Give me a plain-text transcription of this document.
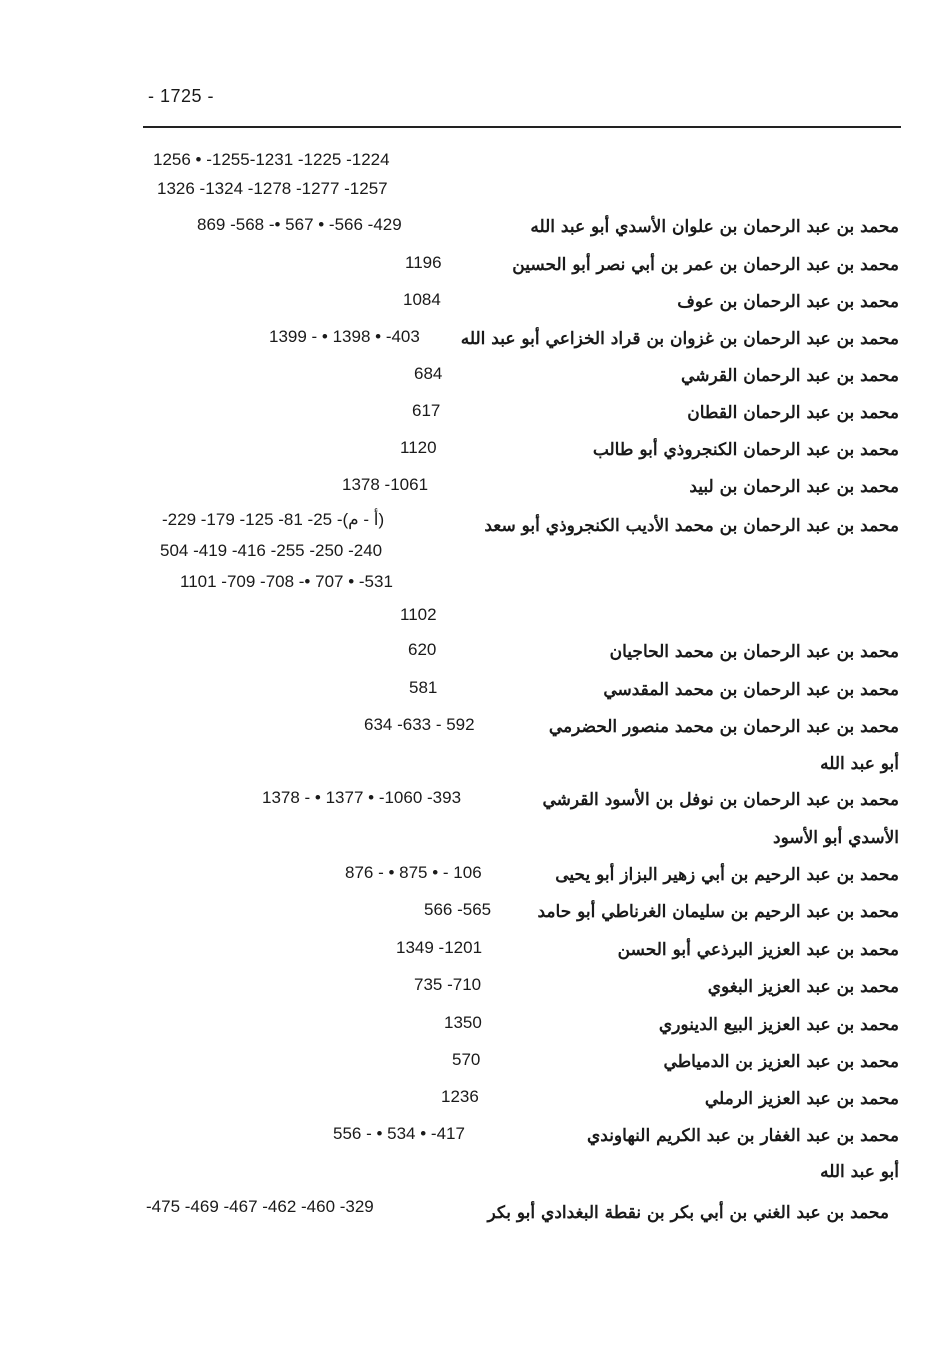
- 1725 -
1256 • -1255-1231 -1225 -1224
1326 -1324 -1278 -1277 -1257
محمد بن عبد الرحمان بن علوان الأسدي أبو عبد الله
869 -568 -• 567 • -566 -429
محمد بن عبد الرحمان بن عمر بن أبي نصر أبو الحسين
1196
محمد بن عبد الرحمان بن عوف
1084
محمد بن عبد الرحمان بن غزوان بن قراد الخزاعي أبو عبد الله
1399 - • 1398 • -403
محمد بن عبد الرحمان القرشي
684
محمد بن عبد الرحمان القطان
617
محمد بن عبد الرحمان الكنجروذي أبو طالب
1120
محمد بن عبد الرحمان بن لبيد
1378 -1061
محمد بن عبد الرحمان بن محمد الأديب الكنجروذي أبو سعد
-229 -179 -125 -81 -25 -(أ - م)
504 -419 -416 -255 -250 -240
1101 -709 -708 -• 707 • -531
1102
محمد بن عبد الرحمان بن محمد الحاجيان
620
محمد بن عبد الرحمان بن محمد المقدسي
581
محمد بن عبد الرحمان بن محمد منصور الحضرمي
634 -633 - 592
أبو عبد الله
محمد بن عبد الرحمان بن نوفل بن الأسود القرشي
1378 - • 1377 • -1060 -393
الأسدي أبو الأسود
محمد بن عبد الرحيم بن أبي زهير البزاز أبو يحيى
876 - • 875 • - 106
محمد بن عبد الرحيم بن سليمان الغرناطي أبو حامد
566 -565
محمد بن عبد العزيز البرذعي أبو الحسن
1349 -1201
محمد بن عبد العزيز البغوي
735 -710
محمد بن عبد العزيز البيع الدينوري
1350
محمد بن عبد العزيز بن الدمياطي
570
محمد بن عبد العزيز الرملي
1236
محمد بن عبد الغفار بن عبد الكريم النهاوندي
556 - • 534 • -417
أبو عبد الله
محمد بن عبد الغني بن أبي بكر بن نقطة البغدادي أبو بكر
-475 -469 -467 -462 -460 -329
